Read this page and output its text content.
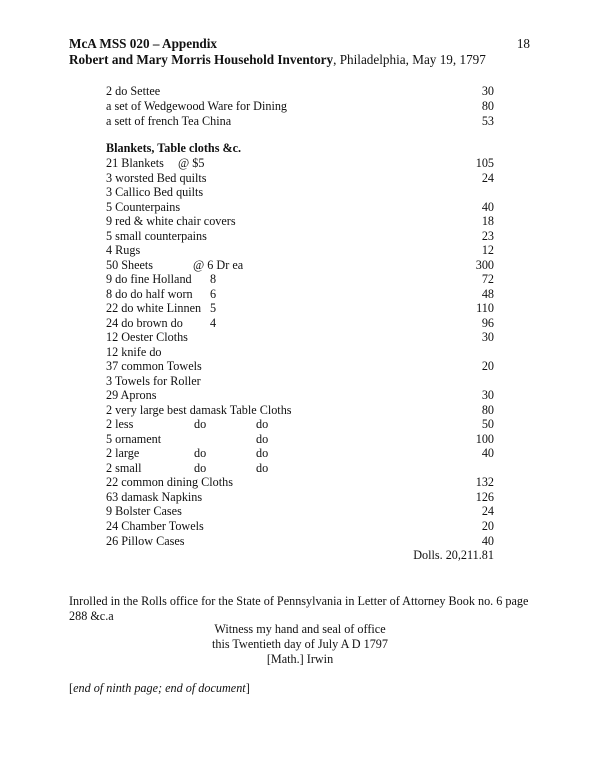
McA MSS 020 – Appendix	18
Robert and Mary Morris Household Inventory, Philadelphia, May 19, 1797
2 do Settee	30
a set of Wedgewood Ware for Dining	80
a sett of french Tea China	53
Blankets, Table cloths &c.
21 Blankets @ $5	105
3 worsted Bed quilts	24
3 Callico Bed quilts
5 Counterpains	40
9 red & white chair covers	18
5 small counterpains	23
4 Rugs	12
50 Sheets	@ 6 Dr ea	300
9 do fine Holland 8	72
8 do do half worn 6	48
22 do white Linnen 5	110
24 do brown do 4	96
12 Oester Cloths	30
12 knife do
37 common Towels	20
3 Towels for Roller
29 Aprons	30
2 very large best damask Table Cloths	80
2 less	do	do	50
5 ornament	do	100
2 large	do	do	40
2 small	do	do
22 common dining Cloths	132
63 damask Napkins	126
9 Bolster Cases	24
24 Chamber Towels	20
26 Pillow Cases	40
Dolls. 20,211.81
Inrolled in the Rolls office for the State of Pennsylvania in Letter of Attorney Book no. 6 page 288 &c.a
Witness my hand and seal of office
this Twentieth day of July A D 1797
[Math.] Irwin
[end of ninth page; end of document]
